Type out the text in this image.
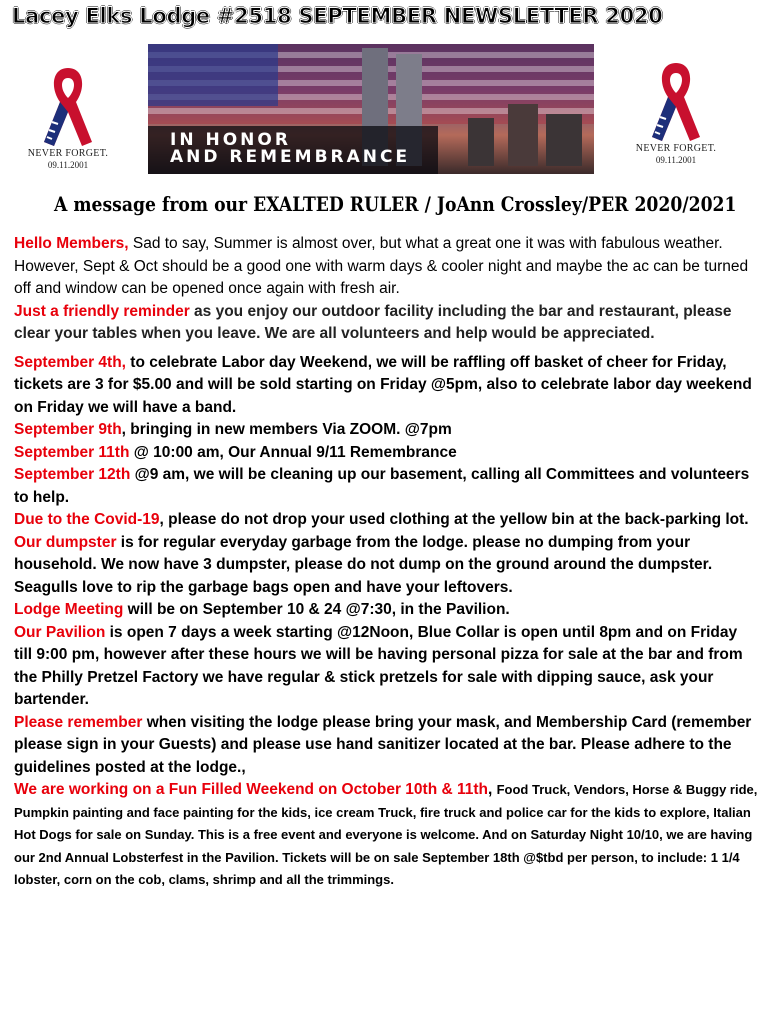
Lacey Elks Lodge #2518 SEPTEMBER NEWSLETTER 2020
NEVER FORGET.
09.11.2001
IN HONOR
AND REMEMBRANCE	NEVER FORGET.
09.11.2001
A message from our EXALTED RULER / JoAnn Crossley/PER 2020/2021

Hello Members, Sad to say, Summer is almost over, but what a great one it was with fabulous weather. However, Sept & Oct should be a good one with warm days & cooler night and maybe the ac can be turned off and window can be opened once again with fresh air.

Just a friendly reminder as you enjoy our outdoor facility including the bar and restaurant, please clear your tables when you leave. We are all volunteers and help would be appreciated.

September 4th, to celebrate Labor day Weekend, we will be raffling off basket of cheer for Friday, tickets are 3 for $5.00 and will be sold starting on Friday @5pm, also to celebrate labor day weekend on Friday we will have a band.

September 9th, bringing in new members Via ZOOM. @7pm

September 11th @ 10:00 am, Our Annual 9/11 Remembrance

September 12th @9 am, we will be cleaning up our basement, calling all Committees and volunteers to help.

Due to the Covid-19, please do not drop your used clothing at the yellow bin at the back-parking lot.

Our dumpster is for regular everyday garbage from the lodge. please no dumping from your household. We now have 3 dumpster, please do not dump on the ground around the dumpster. Seagulls love to rip the garbage bags open and have your leftovers.

Lodge Meeting will be on September 10 & 24 @7:30, in the Pavilion.

Our Pavilion is open 7 days a week starting @12Noon, Blue Collar is open until 8pm and on Friday till 9:00 pm, however after these hours we will be having personal pizza for sale at the bar and from the Philly Pretzel Factory we have regular & stick pretzels for sale with dipping sauce, ask your bartender.

Please remember when visiting the lodge please bring your mask, and Membership Card (remember please sign in your Guests) and please use hand sanitizer located at the bar. Please adhere to the guidelines posted at the lodge.,

We are working on a Fun Filled Weekend on October 10th & 11th, Food Truck, Vendors, Horse & Buggy ride, Pumpkin painting and face painting for the kids, ice cream Truck, fire truck and police car for the kids to explore, Italian Hot Dogs for sale on Sunday. This is a free event and everyone is welcome. And on Saturday Night 10/10, we are having our 2nd Annual Lobsterfest in the Pavilion. Tickets will be on sale September 18th @$tbd per person, to include: 1 1/4 lobster, corn on the cob, clams, shrimp and all the trimmings.
